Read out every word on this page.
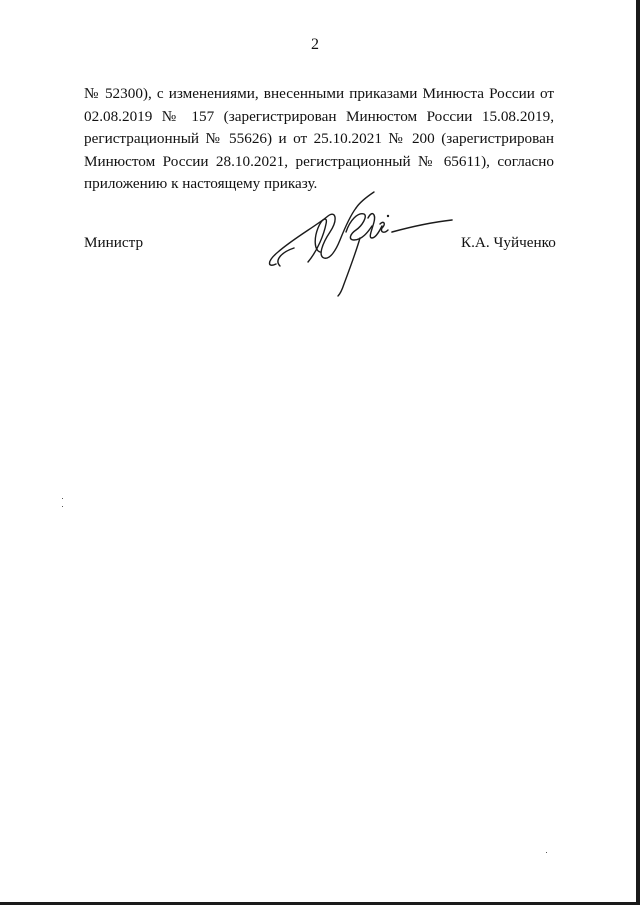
2

№ 52300), с изменениями, внесенными приказами Минюста России от 02.08.2019 № 157 (зарегистрирован Минюстом России 15.08.2019, регистрационный № 55626) и от 25.10.2021 № 200 (зарегистрирован Минюстом России 28.10.2021, регистрационный № 65611), согласно приложению к настоящему приказу.

Министр	К.А. Чуйченко
